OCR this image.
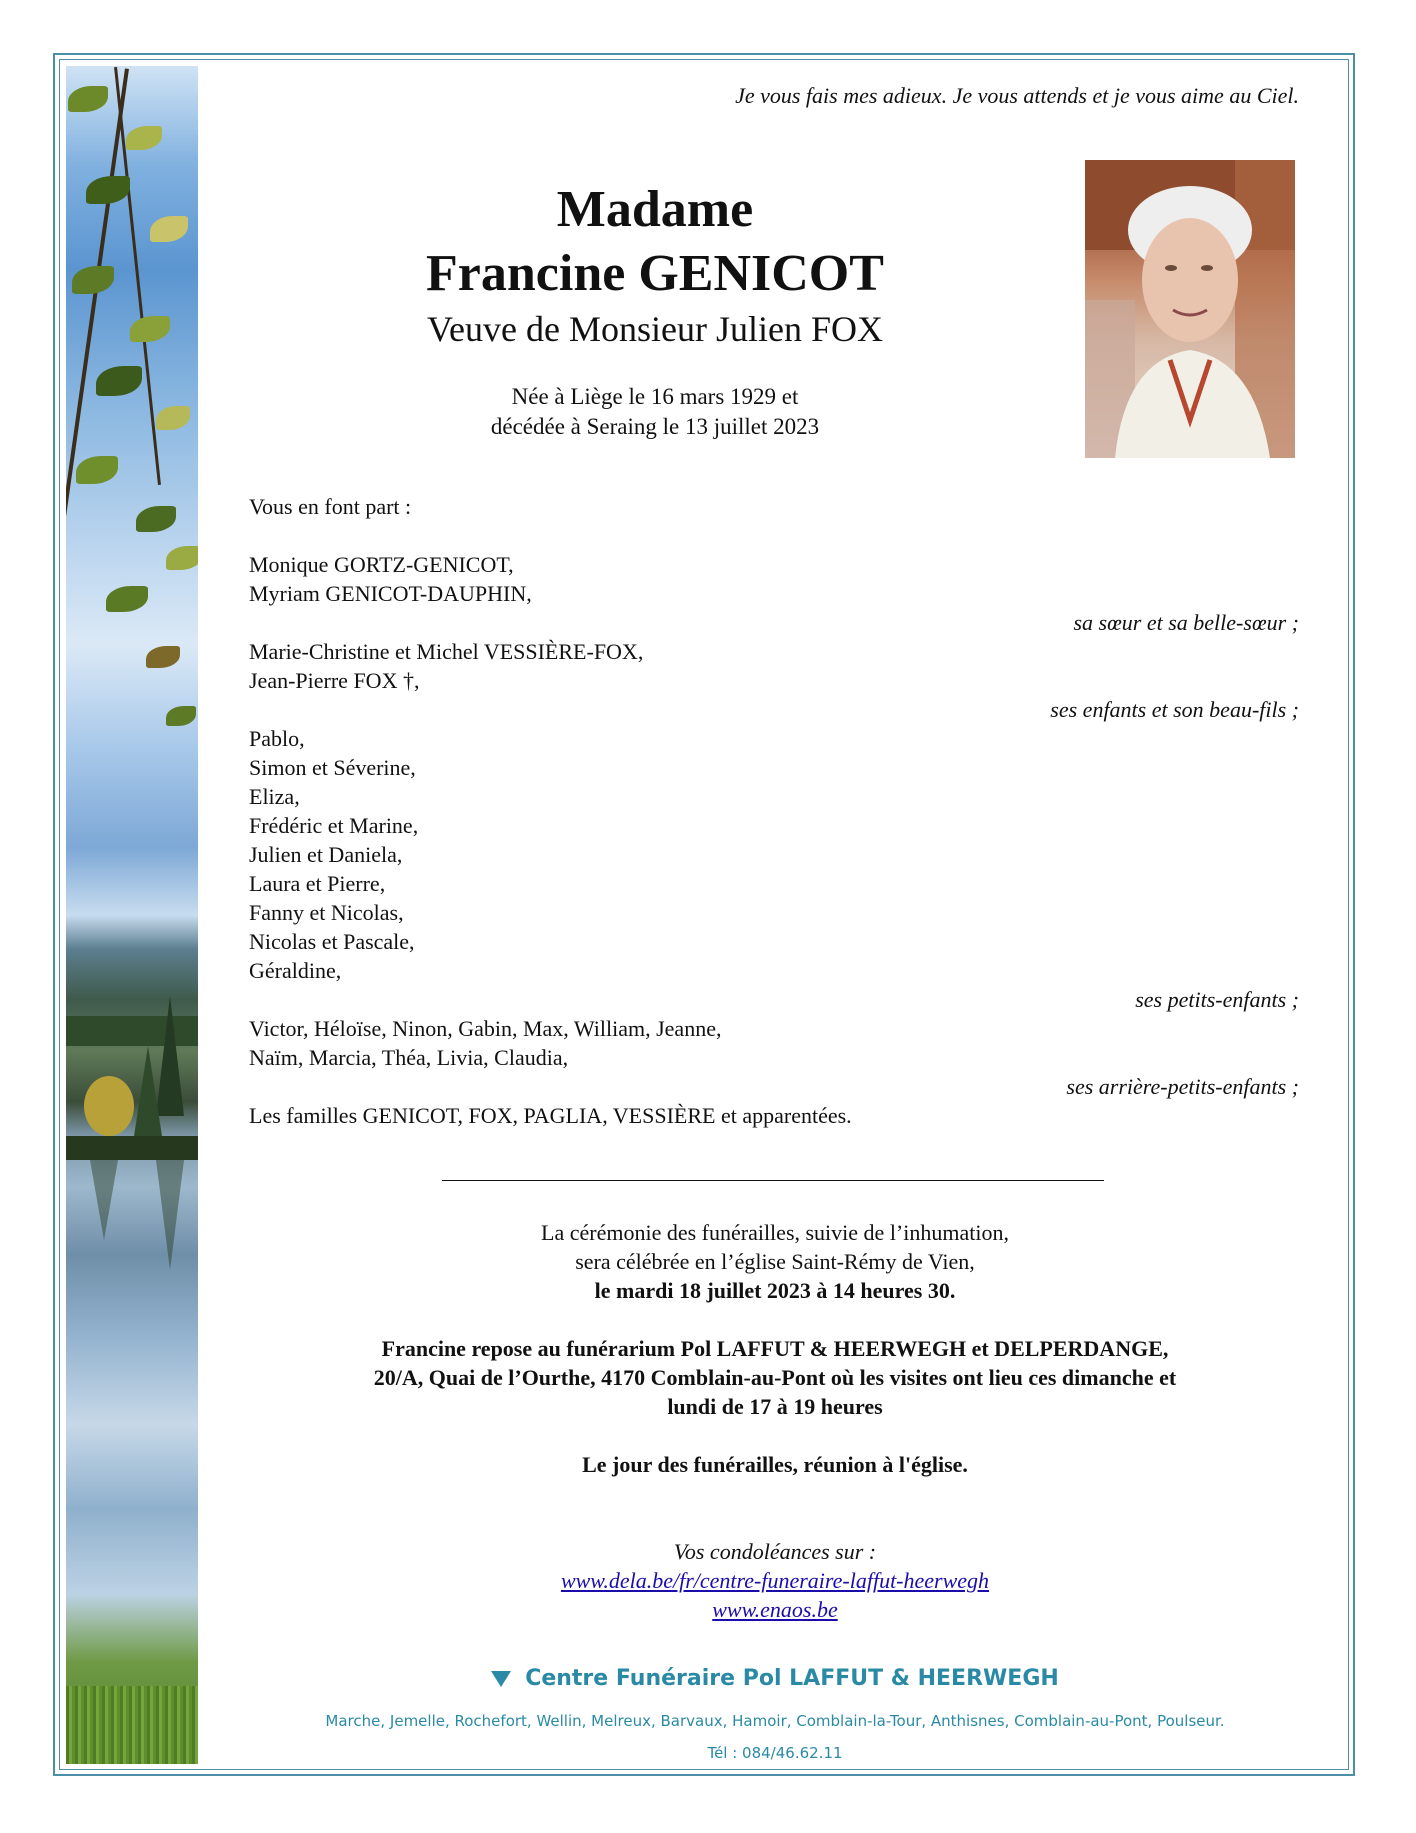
Je vous fais mes adieux. Je vous attends et je vous aime au Ciel.
Madame
Francine GENICOT
Veuve de Monsieur Julien FOX
Née à Liège le 16 mars 1929 et
décédée à Seraing le 13 juillet 2023
Vous en font part :
Monique GORTZ-GENICOT,
Myriam GENICOT-DAUPHIN,
sa sœur et sa belle-sœur ;
Marie-Christine et Michel VESSIÈRE-FOX,
Jean-Pierre FOX †,
ses enfants et son beau-fils ;
Pablo,
Simon et Séverine,
Eliza,
Frédéric et Marine,
Julien et Daniela,
Laura et Pierre,
Fanny et Nicolas,
Nicolas et Pascale,
Géraldine,
ses petits-enfants ;
Victor, Héloïse, Ninon, Gabin, Max, William, Jeanne,
Naïm, Marcia, Théa, Livia, Claudia,
ses arrière-petits-enfants ;
Les familles GENICOT, FOX, PAGLIA, VESSIÈRE et apparentées.
La cérémonie des funérailles, suivie de l’inhumation,
sera célébrée en l’église Saint-Rémy de Vien,
le mardi 18 juillet 2023 à 14 heures 30.
Francine repose au funérarium Pol LAFFUT & HEERWEGH et DELPERDANGE,
20/A, Quai de l’Ourthe, 4170 Comblain-au-Pont où les visites ont lieu ces dimanche et
lundi de 17 à 19 heures
Le jour des funérailles, réunion à l'église.
Vos condoléances sur :
www.dela.be/fr/centre-funeraire-laffut-heerwegh
www.enaos.be
Centre Funéraire Pol LAFFUT & HEERWEGH
Marche, Jemelle, Rochefort, Wellin, Melreux, Barvaux, Hamoir, Comblain-la-Tour, Anthisnes, Comblain-au-Pont, Poulseur.
Tél : 084/46.62.11
